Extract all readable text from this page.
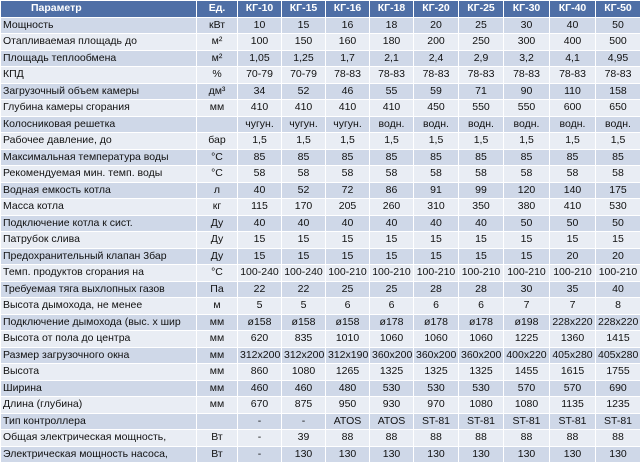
Параметр	Ед.	КГ-10	КГ-15	КГ-16	КГ-18	КГ-20	КГ-25	КГ-30	КГ-40	КГ-50
Мощность	кВт	10	15	16	18	20	25	30	40	50
Отапливаемая площадь до	м²	100	150	160	180	200	250	300	400	500
Площадь теплообмена	м²	1,05	1,25	1,7	2,1	2,4	2,9	3,2	4,1	4,95
КПД	%	70-79	70-79	78-83	78-83	78-83	78-83	78-83	78-83	78-83
Загрузочный объем камеры	дм³	34	52	46	55	59	71	90	110	158
Глубина камеры сгорания	мм	410	410	410	410	450	550	550	600	650
Колосниковая решетка		чугун.	чугун.	чугун.	водн.	водн.	водн.	водн.	водн.	водн.
Рабочее давление, до	бар	1,5	1,5	1,5	1,5	1,5	1,5	1,5	1,5	1,5
Максимальная температура воды	°C	85	85	85	85	85	85	85	85	85
Рекомендуемая мин. темп. воды	°C	58	58	58	58	58	58	58	58	58
Водная емкость котла	л	40	52	72	86	91	99	120	140	175
Масса котла	кг	115	170	205	260	310	350	380	410	530
Подключение котла к сист.	Ду	40	40	40	40	40	40	50	50	50
Патрубок слива	Ду	15	15	15	15	15	15	15	15	15
Предохранительный клапан 3бар	Ду	15	15	15	15	15	15	15	20	20
Темп. продуктов сгорания на	°C	100-240	100-240	100-210	100-210	100-210	100-210	100-210	100-210	100-210
Требуемая тяга выхлопных газов	Па	22	22	25	25	28	28	30	35	40
Высота дымохода, не менее	м	5	5	6	6	6	6	7	7	8
Подключение дымохода (выс. x шир	мм	ø158	ø158	ø158	ø178	ø178	ø178	ø198	228x220	228x220
Высота от пола до центра	мм	620	835	1010	1060	1060	1060	1225	1360	1415
Размер загрузочного окна	мм	312x200	312x200	312x190	360x200	360x200	360x200	400x220	405x280	405x280
Высота	мм	860	1080	1265	1325	1325	1325	1455	1615	1755
Ширина	мм	460	460	480	530	530	530	570	570	690
Длина (глубина)	мм	670	875	950	930	970	1080	1080	1135	1235
Тип контроллера		-	-	ATOS	ATOS	ST-81	ST-81	ST-81	ST-81	ST-81
Общая электрическая мощность,	Вт	-	39	88	88	88	88	88	88	88
Электрическая мощность насоса,	Вт	-	130	130	130	130	130	130	130	130
